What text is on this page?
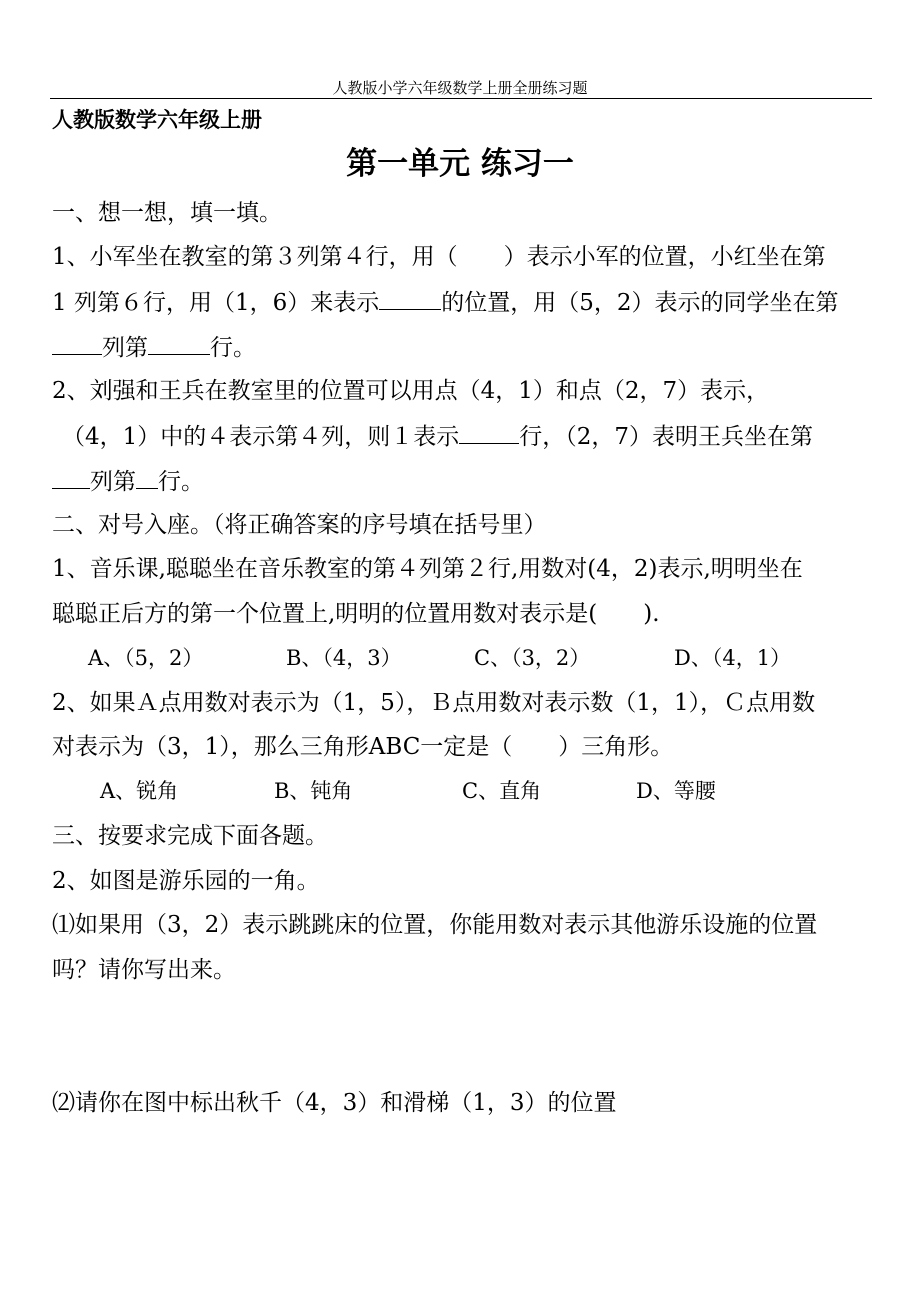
人教版小学六年级数学上册全册练习题
人教版数学六年级上册
第一单元 练习一
一、想一想，填一填。
1、小军坐在教室的第３列第４行，用（　　）表示小军的位置，小红坐在第
1 列第６行，用（1，6）来表示	的位置，用（5，2）表示的同学坐在第
列第	行。
2、刘强和王兵在教室里的位置可以用点（4，1）和点（2，7）表示，
（4，1）中的４表示第４列，则１表示	行，（2，7）表明王兵坐在第
列第 行。
二、对号入座。（将正确答案的序号填在括号里）
1、音乐课,聪聪坐在音乐教室的第４列第２行,用数对(4，2)表示,明明坐在
聪聪正后方的第一个位置上,明明的位置用数对表示是(　　).
A、（5，2）	B、（4，3）	C、（3，2）	D、（4，1）
2、如果Ａ点用数对表示为（1，5），Ｂ点用数对表示数（1，1），Ｃ点用数
对表示为（3，1），那么三角形ABC一定是（　　）三角形。
A、锐角	B、钝角	C、直角	D、等腰
三、按要求完成下面各题。
2、如图是游乐园的一角。
⑴如果用（3，2）表示跳跳床的位置，你能用数对表示其他游乐设施的位置
吗？请你写出来。
⑵请你在图中标出秋千（4，3）和滑梯（1，3）的位置
